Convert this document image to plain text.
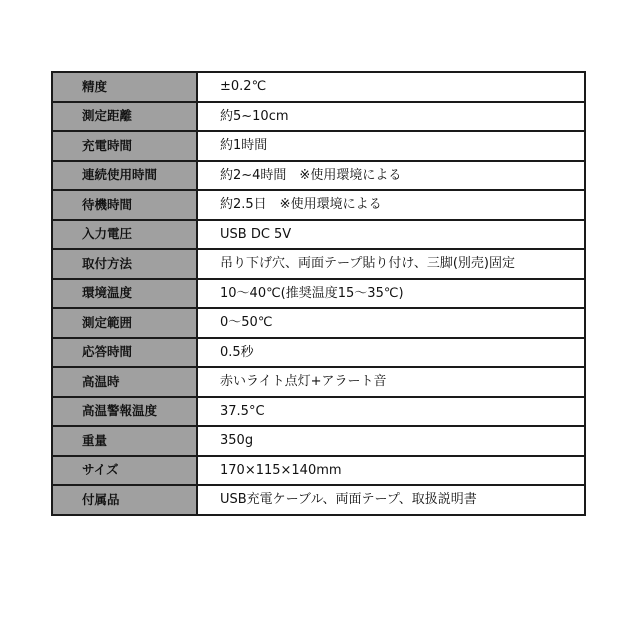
精度	±0.2℃
測定距離	約5~10cm
充電時間	約1時間
連続使用時間	約2~4時間　※使用環境による
待機時間	約2.5日　※使用環境による
入力電圧	USB DC 5V
取付方法	吊り下げ穴、両面テープ貼り付け、三脚(別売)固定
環境温度	10～40℃(推奨温度15～35℃)
測定範囲	0～50℃
応答時間	0.5秒
高温時	赤いライト点灯+アラート音
高温警報温度	37.5°C
重量	350g
サイズ	170×115×140mm
付属品	USB充電ケーブル、両面テープ、取扱説明書
